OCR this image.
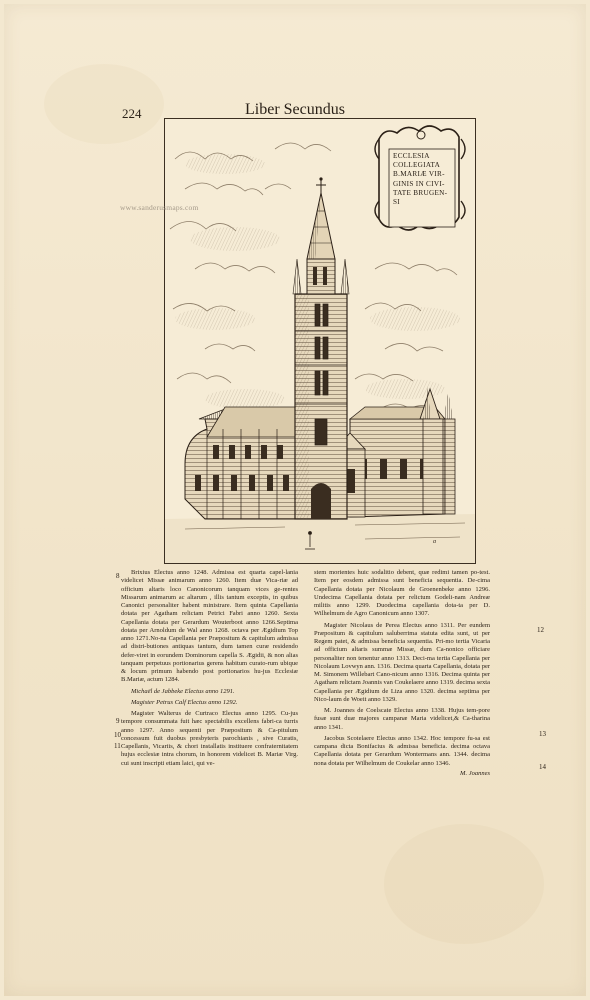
224	Liber Secundus
ɑ
ECCLESIA
COLLEGIATA
B.MARIÆ VIR-
GINIS IN CIVI-
TATE BRUGEN-
SI
www.sanderusmaps.com
8
9
10
11
12
13
14

Brixius Electus anno 1248. Admissa est quarta capel-lania videlicet Missæ animarum anno 1260. Item duæ Vica-riæ ad officium altaris loco Canonicorum tanquam vices ge-rentes Missarum animarum ac altarum , illis tantum exceptis, in quibus Canonici personaliter habent ministrare. Item quinta Capellania dotata per Agatham relictam Petrici Fabri anno 1260. Sexta Capellania dotata per Gerardum Wouterboot anno 1266.Septima dotata per Arnoldum de Wal anno 1268. octava per Ægidium Top anno 1271.No-na Capellania per Præpositum & capitulum admissa ad distri-butiones antiquas tantum, dum tamen curæ residendo defer-viret in eorundem Dominorum capella S. Ægidii, & non alias tanquam perpetuus portionarius gerens habitum curato-rum ubique & locum primum habendo post portionarios hu-jus Ecclesiæ B.Mariæ, actum 1284.

Michaël de Jabbeke Electus anno 1291.

Magister Petrus Calf Electus anno 1292.

Magister Walterus de Curtraco Electus anno 1295. Cu-jus tempore consummata fuit hæc spectabilis excellens fabri-ca turris anno 1297. Anno sequenti per Præpositum & Ca-pitulum concessum fuit duobus presbyteris parochianis , sive Curatis, Capellanis, Vicariis, & chori installatis instituere confraternitatem hujus ecclesiæ intra chorum, in honorem videlicet B. Mariæ Virg. cui sunt inscripti etiam laici, qui ve-

stem morientes huic sodalitio debent, quæ redimi tamen po-test. Item per eosdem admissa sunt beneficia sequentia. De-cima Capellania dotata per Nicolaum de Groenenbeke anno 1296. Undecima Capellania dotata per relictum Godeli-nam Andreæ militis anno 1299. Duodecima capellania dota-ta per D. Wilhelmum de Agro Canonicum anno 1307.

Magister Nicolaus de Perea Electus anno 1311. Per eundem Præpositum & capitulum saluberrima statuta edita sunt, ut per Regem patet, & admissa beneficia sequentia. Pri-mo tertia Vicaria ad officium altaris summæ Missæ, dum Ca-nonico officiare personaliter non tenentur anno 1313. Deci-ma tertia Capellania per Nicolaum Lovwyn ann. 1316. Decima quarta Capellania, dotata per M. Simonem Willebart Cano-nicum anno 1316. Decima quinta per Agatham relictam Joannis van Coukelaere anno 1319. decima sexta Capellania per Ægidium de Liza anno 1320. decima septima per Nico-laum de Woeit anno 1329.

M. Joannes de Coelscate Electus anno 1338. Hujus tem-pore fusæ sunt duæ majores campanæ Maria videlicet,& Ca-tharina anno 1341.

Jacobus Scotelaere Electus anno 1342. Hoc tempore fu-sa est campana dicta Bonifacius & admissa beneficia. decima octava Capellania dotata per Gerardum Wontermans ann. 1344. decima nona dotata per Wilhelmum de Coukelar anno 1346.

M. Joannes
